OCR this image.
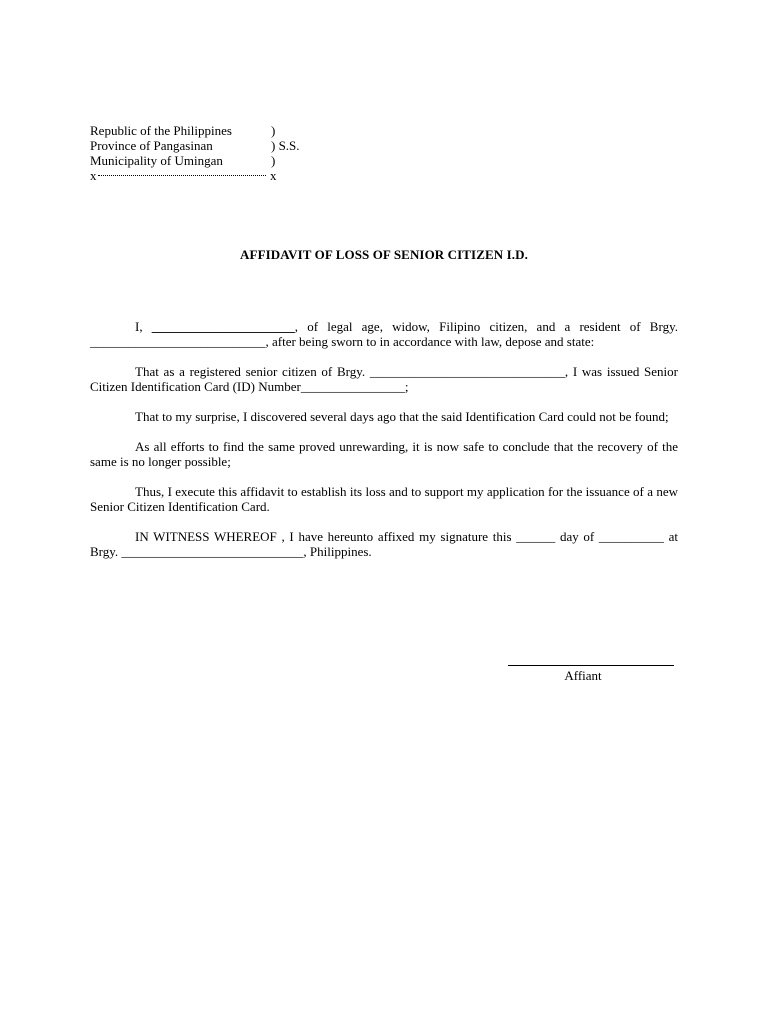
Republic of the Philippines	)
Province of Pangasinan	) S.S.
Municipality of Umingan	)
x	x
AFFIDAVIT OF LOSS OF SENIOR CITIZEN I.D.

I, ______________________, of legal age, widow, Filipino citizen, and a resident of Brgy. ___________________________, after being sworn to in accordance with law, depose and state:

That as a registered senior citizen of Brgy. ______________________________, I was issued Senior Citizen Identification Card (ID) Number________________;

That to my surprise, I discovered several days ago that the said Identification Card could not be found;

As all efforts to find the same proved unrewarding, it is now safe to conclude that the recovery of the same is no longer possible;

Thus, I execute this affidavit to establish its loss and to support my application for the issuance of a new Senior Citizen Identification Card.

IN WITNESS WHEREOF , I have hereunto affixed my signature this ______ day of __________ at Brgy. ____________________________, Philippines.

Affiant
